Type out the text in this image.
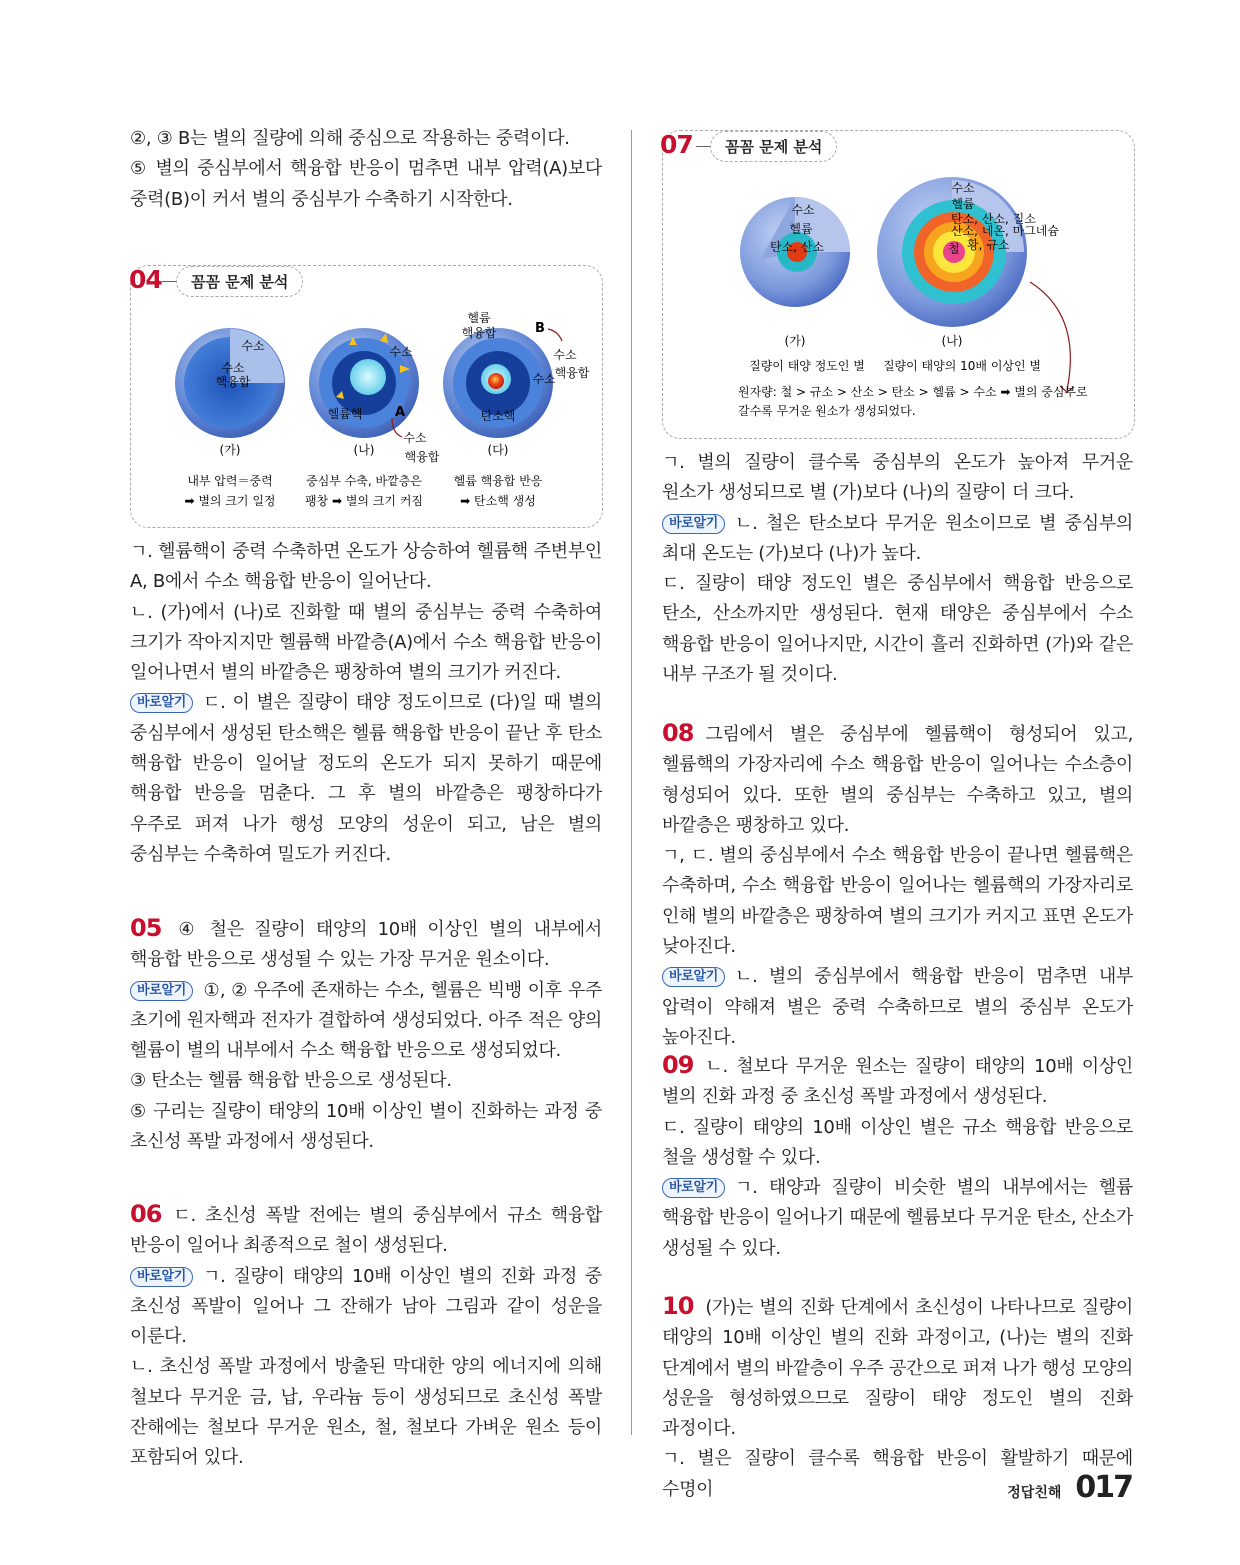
②, ③ B는 별의 질량에 의해 중심으로 작용하는 중력이다.

⑤ 별의 중심부에서 핵융합 반응이 멈추면 내부 압력(A)보다 중력(B)이 커서 별의 중심부가 수축하기 시작한다.

04	꼼꼼 문제 분석
수소
수소
핵융합
(가)
내부 압력＝중력
➡ 별의 크기 일정
수소
헬륨핵	A
수소
핵융합
(나)
중심부 수축, 바깥층은
팽창 ➡ 별의 크기 커짐
헬륨
핵융합	B
수소
핵융합
수소
탄소핵
(다)
헬륨 핵융합 반응
➡ 탄소핵 생성

ㄱ. 헬륨핵이 중력 수축하면 온도가 상승하여 헬륨핵 주변부인 A, B에서 수소 핵융합 반응이 일어난다.

ㄴ. (가)에서 (나)로 진화할 때 별의 중심부는 중력 수축하여 크기가 작아지지만 헬륨핵 바깥층(A)에서 수소 핵융합 반응이 일어나면서 별의 바깥층은 팽창하여 별의 크기가 커진다.

바로알기 ㄷ. 이 별은 질량이 태양 정도이므로 (다)일 때 별의 중심부에서 생성된 탄소핵은 헬륨 핵융합 반응이 끝난 후 탄소 핵융합 반응이 일어날 정도의 온도가 되지 못하기 때문에 핵융합 반응을 멈춘다. 그 후 별의 바깥층은 팽창하다가 우주로 퍼져 나가 행성 모양의 성운이 되고, 남은 별의 중심부는 수축하여 밀도가 커진다.

05 ④ 철은 질량이 태양의 10배 이상인 별의 내부에서 핵융합 반응으로 생성될 수 있는 가장 무거운 원소이다.

바로알기 ①, ② 우주에 존재하는 수소, 헬륨은 빅뱅 이후 우주 초기에 원자핵과 전자가 결합하여 생성되었다. 아주 적은 양의 헬륨이 별의 내부에서 수소 핵융합 반응으로 생성되었다.

③ 탄소는 헬륨 핵융합 반응으로 생성된다.

⑤ 구리는 질량이 태양의 10배 이상인 별이 진화하는 과정 중 초신성 폭발 과정에서 생성된다.

06 ㄷ. 초신성 폭발 전에는 별의 중심부에서 규소 핵융합 반응이 일어나 최종적으로 철이 생성된다.

바로알기 ㄱ. 질량이 태양의 10배 이상인 별의 진화 과정 중 초신성 폭발이 일어나 그 잔해가 남아 그림과 같이 성운을 이룬다.

ㄴ. 초신성 폭발 과정에서 방출된 막대한 양의 에너지에 의해 철보다 무거운 금, 납, 우라늄 등이 생성되므로 초신성 폭발 잔해에는 철보다 무거운 원소, 철, 철보다 가벼운 원소 등이 포함되어 있다.

07	꼼꼼 문제 분석
수소
헬륨
탄소, 산소
(가)
질량이 태양 정도인 별
수소
헬륨
탄소, 산소, 질소
산소, 네온, 마그네슘
황, 규소
철
(나)
질량이 태양의 10배 이상인 별
원자량: 철 > 규소 > 산소 > 탄소 > 헬륨 > 수소 ➡ 별의 중심부로
갈수록 무거운 원소가 생성되었다.

ㄱ. 별의 질량이 클수록 중심부의 온도가 높아져 무거운 원소가 생성되므로 별 (가)보다 (나)의 질량이 더 크다.

바로알기 ㄴ. 철은 탄소보다 무거운 원소이므로 별 중심부의 최대 온도는 (가)보다 (나)가 높다.

ㄷ. 질량이 태양 정도인 별은 중심부에서 핵융합 반응으로 탄소, 산소까지만 생성된다. 현재 태양은 중심부에서 수소 핵융합 반응이 일어나지만, 시간이 흘러 진화하면 (가)와 같은 내부 구조가 될 것이다.

08 그림에서 별은 중심부에 헬륨핵이 형성되어 있고, 헬륨핵의 가장자리에 수소 핵융합 반응이 일어나는 수소층이 형성되어 있다. 또한 별의 중심부는 수축하고 있고, 별의 바깥층은 팽창하고 있다.

ㄱ, ㄷ. 별의 중심부에서 수소 핵융합 반응이 끝나면 헬륨핵은 수축하며, 수소 핵융합 반응이 일어나는 헬륨핵의 가장자리로 인해 별의 바깥층은 팽창하여 별의 크기가 커지고 표면 온도가 낮아진다.

바로알기 ㄴ. 별의 중심부에서 핵융합 반응이 멈추면 내부 압력이 약해져 별은 중력 수축하므로 별의 중심부 온도가 높아진다.

09 ㄴ. 철보다 무거운 원소는 질량이 태양의 10배 이상인 별의 진화 과정 중 초신성 폭발 과정에서 생성된다.

ㄷ. 질량이 태양의 10배 이상인 별은 규소 핵융합 반응으로 철을 생성할 수 있다.

바로알기 ㄱ. 태양과 질량이 비슷한 별의 내부에서는 헬륨 핵융합 반응이 일어나기 때문에 헬륨보다 무거운 탄소, 산소가 생성될 수 있다.

10 (가)는 별의 진화 단계에서 초신성이 나타나므로 질량이 태양의 10배 이상인 별의 진화 과정이고, (나)는 별의 진화 단계에서 별의 바깥층이 우주 공간으로 퍼져 나가 행성 모양의 성운을 형성하였으므로 질량이 태양 정도인 별의 진화 과정이다.

ㄱ. 별은 질량이 클수록 핵융합 반응이 활발하기 때문에 수명이	정답친해 017
